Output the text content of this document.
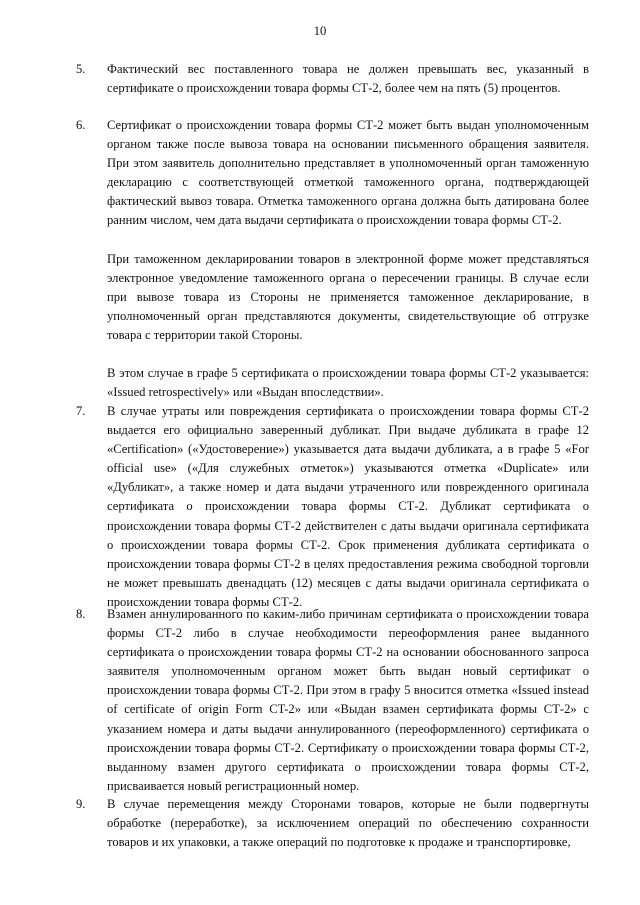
10
5. Фактический вес поставленного товара не должен превышать вес, указанный в сертификате о происхождении товара формы СТ-2, более чем на пять (5) процентов.

6. Сертификат о происхождении товара формы СТ-2 может быть выдан уполномоченным органом также после вывоза товара на основании письменного обращения заявителя. При этом заявитель дополнительно представляет в уполномоченный орган таможенную декларацию с соответствующей отметкой таможенного органа, подтверждающей фактический вывоз товара. Отметка таможенного органа должна быть датирована более ранним числом, чем дата выдачи сертификата о происхождении товара формы СТ-2.

При таможенном декларировании товаров в электронной форме может представляться электронное уведомление таможенного органа о пересечении границы. В случае если при вывозе товара из Стороны не применяется таможенное декларирование, в уполномоченный орган представляются документы, свидетельствующие об отгрузке товара с территории такой Стороны.

В этом случае в графе 5 сертификата о происхождении товара формы СТ-2 указывается: «Issued retrospectively» или «Выдан впоследствии».

7. В случае утраты или повреждения сертификата о происхождении товара формы СТ-2 выдается его официально заверенный дубликат. При выдаче дубликата в графе 12 «Certification» («Удостоверение») указывается дата выдачи дубликата, а в графе 5 «For official use» («Для служебных отметок») указываются отметка «Duplicate» или «Дубликат», а также номер и дата выдачи утраченного или поврежденного оригинала сертификата о происхождении товара формы СТ-2. Дубликат сертификата о происхождении товара формы СТ-2 действителен с даты выдачи оригинала сертификата о происхождении товара формы СТ-2. Срок применения дубликата сертификата о происхождении товара формы СТ-2 в целях предоставления режима свободной торговли не может превышать двенадцать (12) месяцев с даты выдачи оригинала сертификата о происхождении товара формы СТ-2.

8. Взамен аннулированного по каким-либо причинам сертификата о происхождении товара формы СТ-2 либо в случае необходимости переоформления ранее выданного сертификата о происхождении товара формы СТ-2 на основании обоснованного запроса заявителя уполномоченным органом может быть выдан новый сертификат о происхождении товара формы СТ-2. При этом в графу 5 вносится отметка «Issued instead of certificate of origin Form CT-2» или «Выдан взамен сертификата формы СТ-2» с указанием номера и даты выдачи аннулированного (переоформленного) сертификата о происхождении товара формы СТ-2. Сертификату о происхождении товара формы СТ-2, выданному взамен другого сертификата о происхождении товара формы СТ-2, присваивается новый регистрационный номер.

9. В случае перемещения между Сторонами товаров, которые не были подвергнуты обработке (переработке), за исключением операций по обеспечению сохранности товаров и их упаковки, а также операций по подготовке к продаже и транспортировке,
